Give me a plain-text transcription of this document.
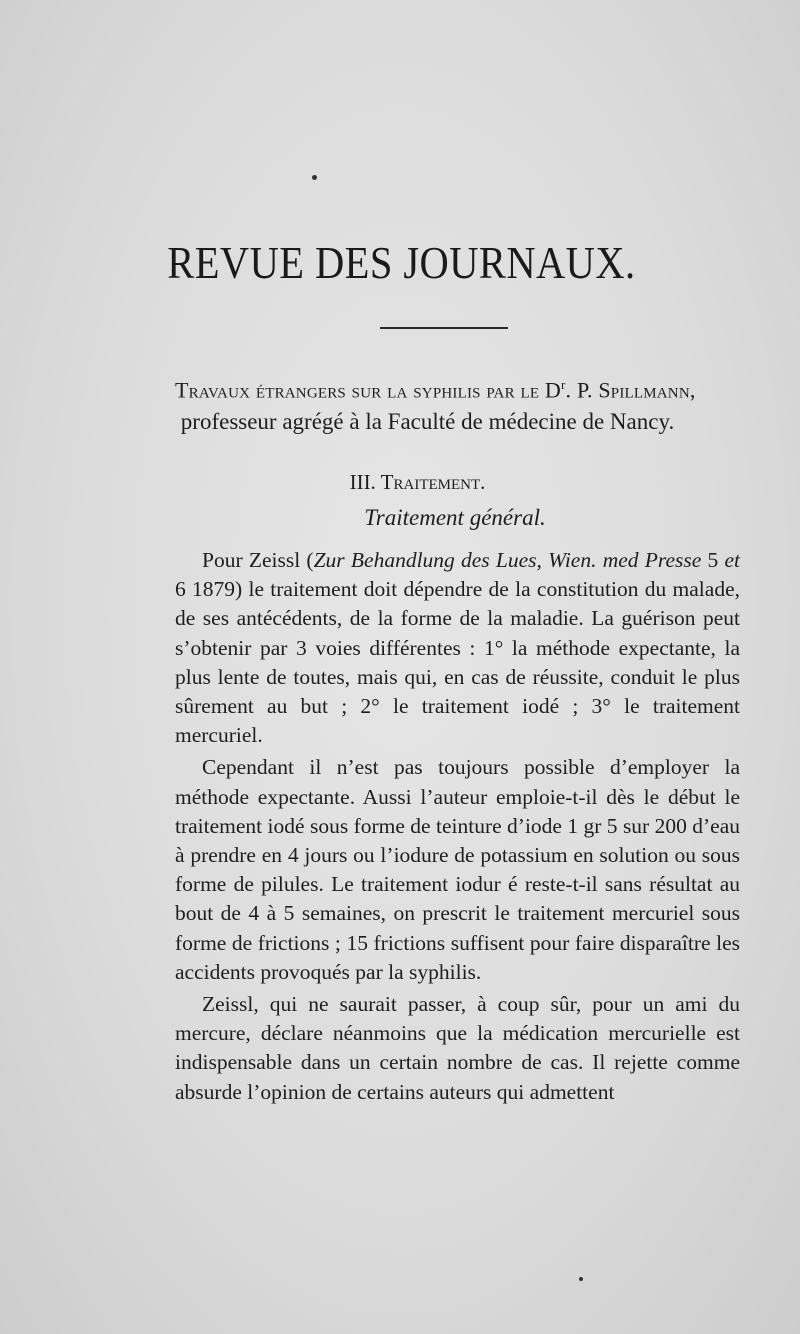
REVUE DES JOURNAUX.
Travaux étrangers sur la syphilis par le $D^r$. P. Spillmann,
professeur agrégé à la Faculté de médecine de Nancy.
III. Traitement.
Traitement général.

Pour Zeissl (Zur Behandlung des Lues, Wien. med Presse 5 et 6 1879) le traitement doit dépendre de la constitution du malade, de ses antécédents, de la forme de la maladie. La guérison peut s’obtenir par 3 voies différentes : 1° la méthode expectante, la plus lente de toutes, mais qui, en cas de réussite, conduit le plus sûrement au but ; 2° le traitement iodé ; 3° le traitement mercuriel.

Cependant il n’est pas toujours possible d’employer la méthode expectante. Aussi l’auteur emploie-t-il dès le début le traitement iodé sous forme de teinture d’iode 1 gr 5 sur 200 d’eau à prendre en 4 jours ou l’iodure de potassium en solution ou sous forme de pilules. Le traitement iodur é reste-t-il sans résultat au bout de 4 à 5 semaines, on prescrit le traitement mercuriel sous forme de frictions ; 15 frictions suffisent pour faire disparaître les accidents provoqués par la syphilis.

Zeissl, qui ne saurait passer, à coup sûr, pour un ami du mercure, déclare néanmoins que la médication mercurielle est indispensable dans un certain nombre de cas. Il rejette comme absurde l’opinion de certains auteurs qui admettent
